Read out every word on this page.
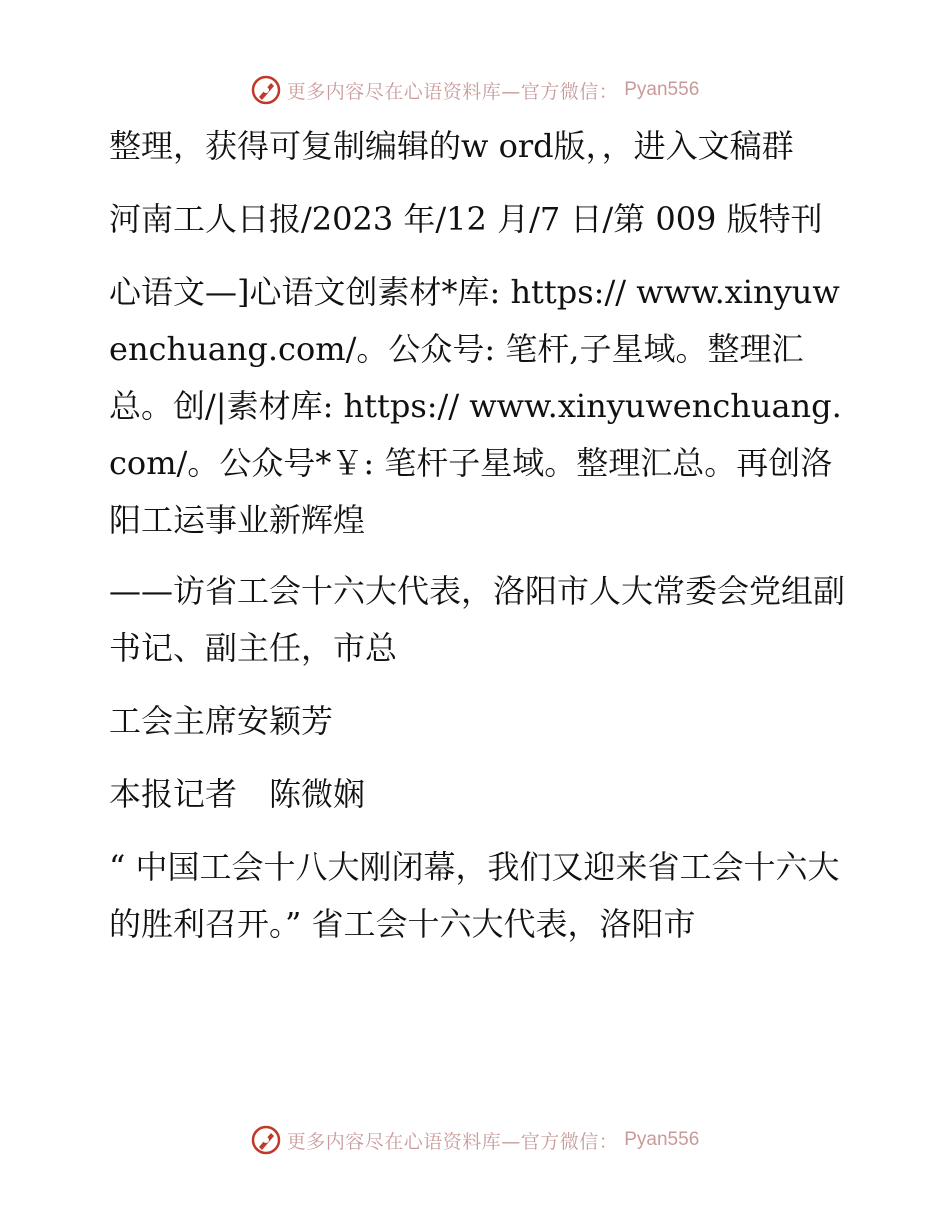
更多内容尽在心语资料库—官方微信： Pyan556

整理，获得可复制编辑的w ord版，，进入文稿群

河南工人日报/2023 年/12 月/7 日/第 009 版特刊

心语文—]心语文创素材*库: https:// www.xinyuwenchuang.com/。公众号: 笔杆,子星域。整理汇总。创/|素材库: https:// www.xinyuwenchuang.com/。公众号*￥: 笔杆子星域。整理汇总。再创洛阳工运事业新辉煌

——访省工会十六大代表，洛阳市人大常委会党组副书记、副主任，市总

工会主席安颖芳

本报记者　陈微娴

“ 中国工会十八大刚闭幕，我们又迎来省工会十六大的胜利召开。” 省工会十六大代表，洛阳市

更多内容尽在心语资料库—官方微信： Pyan556
